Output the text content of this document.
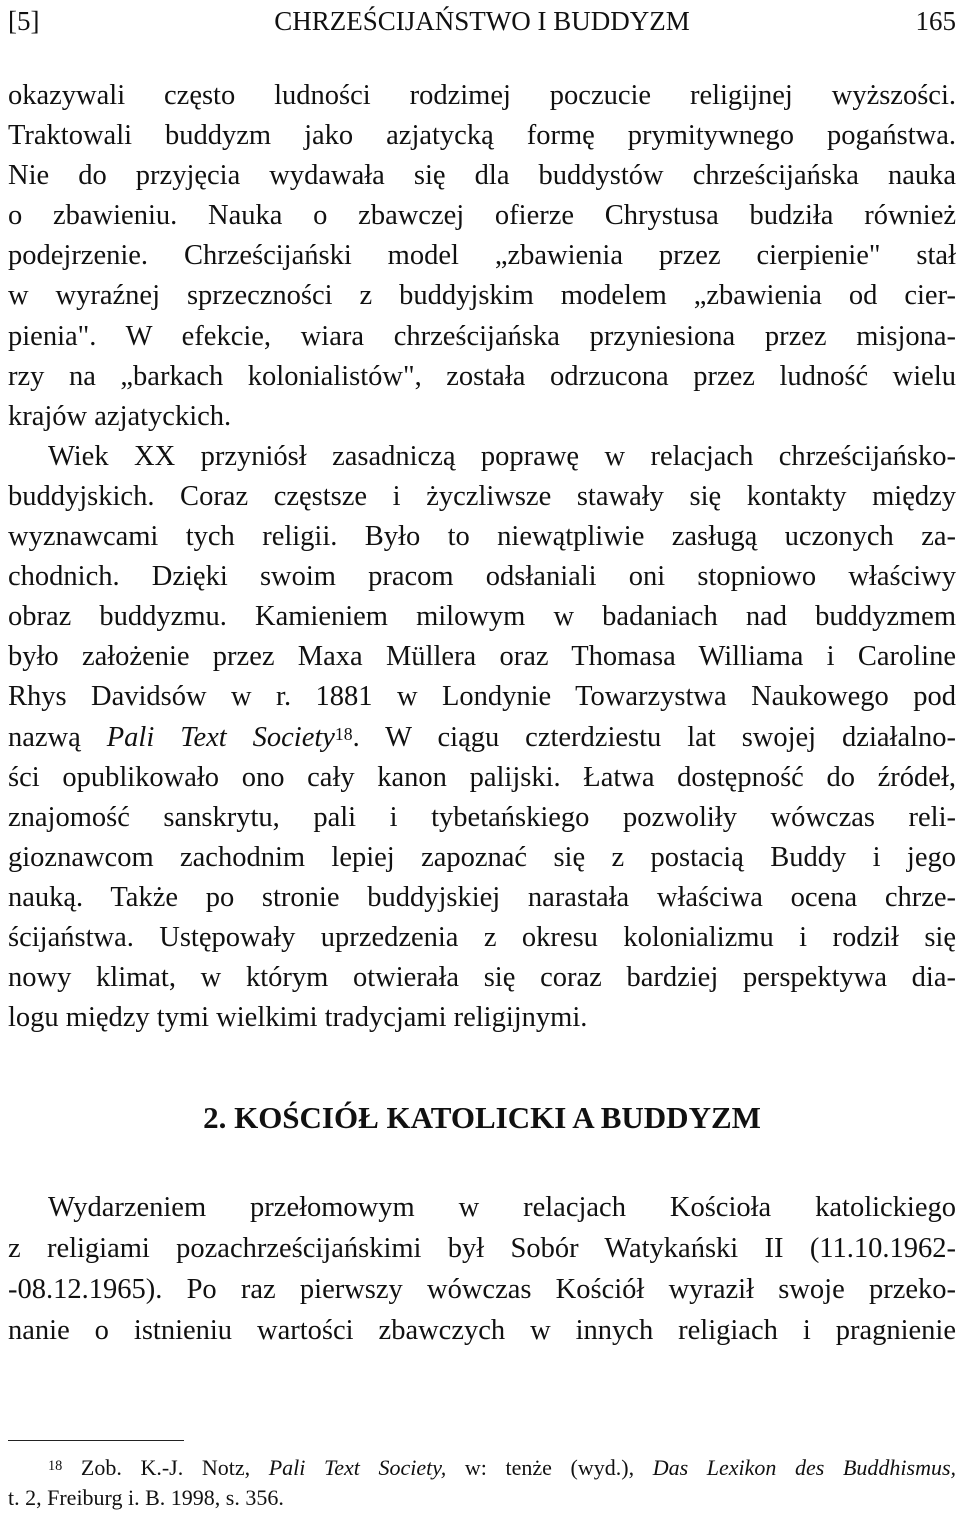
[5]	CHRZEŚCIJAŃSTWO I BUDDYZM	165
okazywali często ludności rodzimej poczucie religijnej wyższości.
Traktowali buddyzm jako azjatycką formę prymitywnego pogaństwa.
Nie do przyjęcia wydawała się dla buddystów chrześcijańska nauka
o zbawieniu. Nauka o zbawczej ofierze Chrystusa budziła również
podejrzenie. Chrześcijański model „zbawienia przez cierpienie" stał
w wyraźnej sprzeczności z buddyjskim modelem „zbawienia od cier-
pienia". W efekcie, wiara chrześcijańska przyniesiona przez misjona-
rzy na „barkach kolonialistów", została odrzucona przez ludność wielu
krajów azjatyckich.
Wiek XX przyniósł zasadniczą poprawę w relacjach chrześcijańsko-
buddyjskich. Coraz częstsze i życzliwsze stawały się kontakty między
wyznawcami tych religii. Było to niewątpliwie zasługą uczonych za-
chodnich. Dzięki swoim pracom odsłaniali oni stopniowo właściwy
obraz buddyzmu. Kamieniem milowym w badaniach nad buddyzmem
było założenie przez Maxa Müllera oraz Thomasa Williama i Caroline
Rhys Davidsów w r. 1881 w Londynie Towarzystwa Naukowego pod
nazwą Pali Text Society$^{18}$. W ciągu czterdziestu lat swojej działalno-
ści opublikowało ono cały kanon palijski. Łatwa dostępność do źródeł,
znajomość sanskrytu, pali i tybetańskiego pozwoliły wówczas reli-
gioznawcom zachodnim lepiej zapoznać się z postacią Buddy i jego
nauką. Także po stronie buddyjskiej narastała właściwa ocena chrze-
ścijaństwa. Ustępowały uprzedzenia z okresu kolonializmu i rodził się
nowy klimat, w którym otwierała się coraz bardziej perspektywa dia-
logu między tymi wielkimi tradycjami religijnymi.
2. KOŚCIÓŁ KATOLICKI A BUDDYZM
Wydarzeniem przełomowym w relacjach Kościoła katolickiego
z religiami pozachrześcijańskimi był Sobór Watykański II (11.10.1962-
-08.12.1965). Po raz pierwszy wówczas Kościół wyraził swoje przeko-
nanie o istnieniu wartości zbawczych w innych religiach i pragnienie
$^{18}$ Zob. K.-J. Notz, Pali Text Society, w: tenże (wyd.), Das Lexikon des Buddhismus,
t. 2, Freiburg i. B. 1998, s. 356.
